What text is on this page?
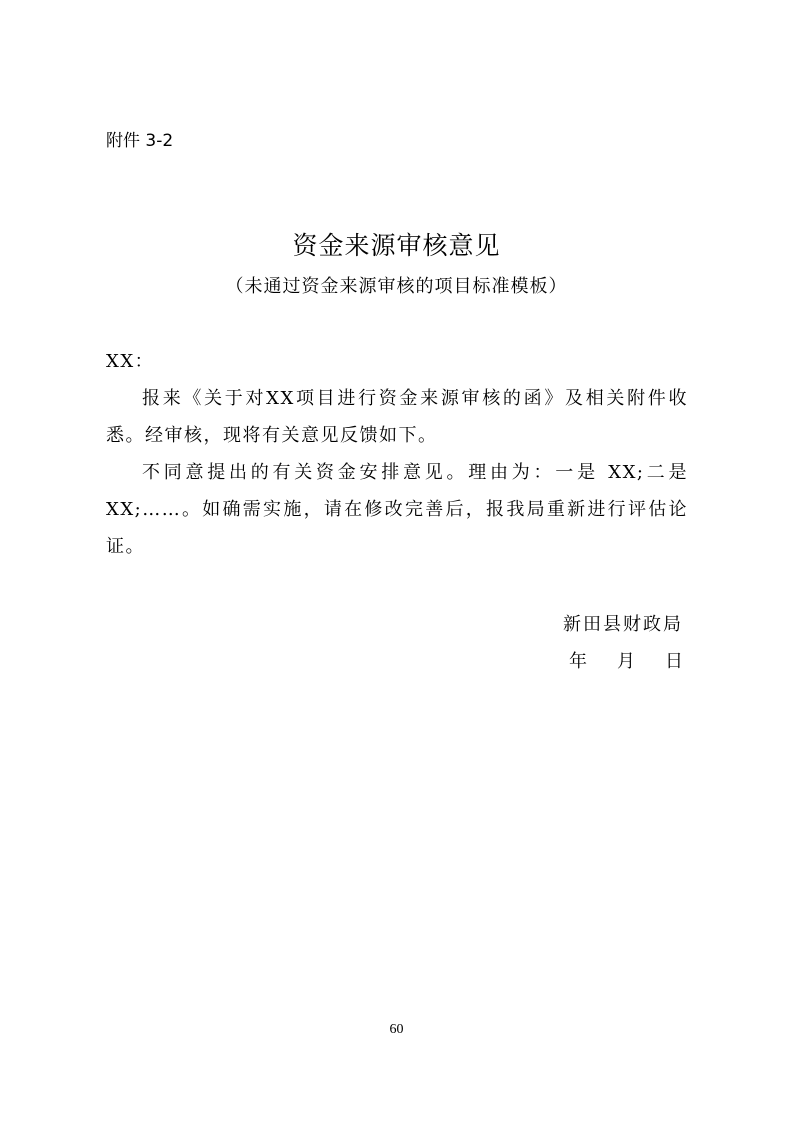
附件 3-2
资金来源审核意见
（未通过资金来源审核的项目标准模板）

XX：

报来《关于对XX项目进行资金来源审核的函》及相关附件收悉。经审核，现将有关意见反馈如下。

不同意提出的有关资金安排意见。理由为：一是 XX;二是XX;……。如确需实施，请在修改完善后，报我局重新进行评估论证。

新田县财政局
年 月 日
60
